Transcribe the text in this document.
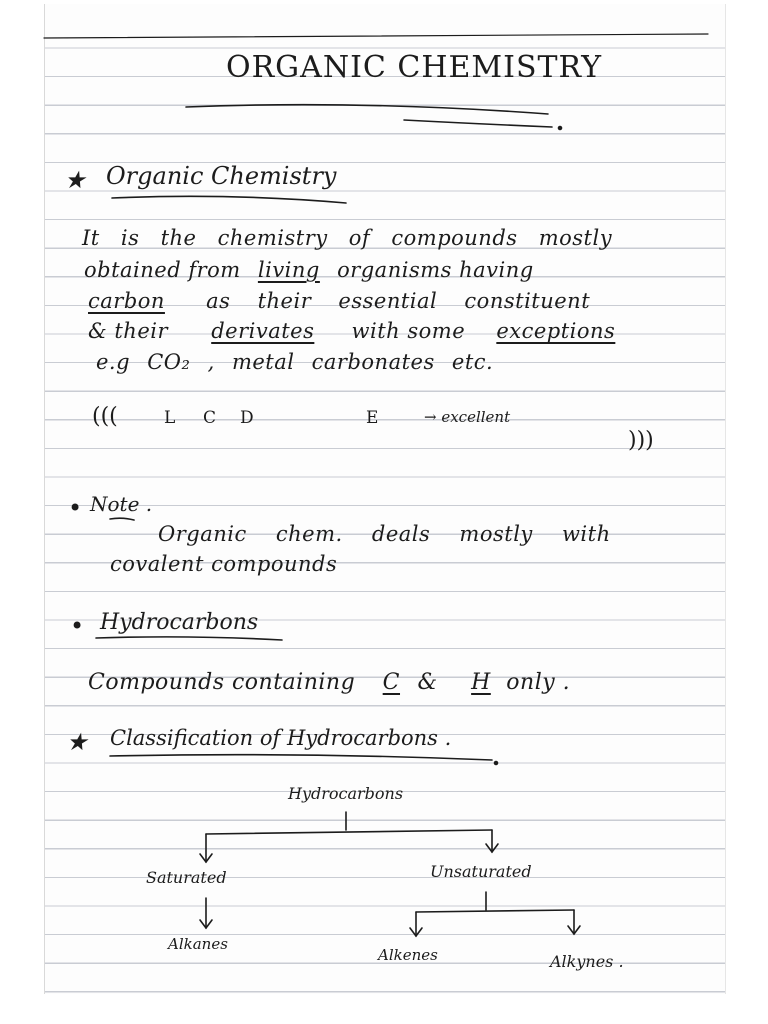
ORGANIC CHEMISTRY
★ Organic Chemistry
It is the chemistry of compounds mostly
obtained from living organisms having
carbon as their essential constituent
& their derivates with some exceptions
e.g CO₂ , metal carbonates etc.
(((	L C D	E	→ excellent
)))
• Note .
Organic chem. deals mostly with
covalent compounds
• Hydrocarbons
Compounds containing C & H only .
★ Classification of Hydrocarbons .
Hydrocarbons
Saturated	Unsaturated
Alkanes
Alkenes	Alkynes .
